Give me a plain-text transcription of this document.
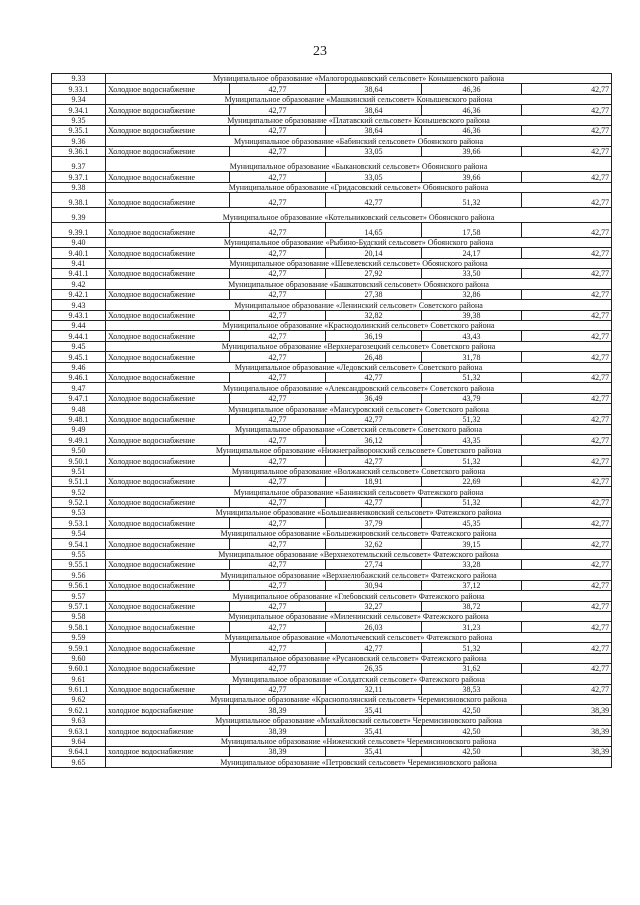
23
9.33	Муниципальное образование «Малогородьковский сельсовет» Конышевского района				
9.33.1	Холодное водоснабжение	42,77	38,64	46,36	42,77
9.34	Муниципальное образование «Машкинский сельсовет» Конышевского района				
9.34.1	Холодное водоснабжение	42,77	38,64	46,36	42,77
9.35	Муниципальное образование «Платавский сельсовет» Конышевского района				
9.35.1	Холодное водоснабжение	42,77	38,64	46,36	42,77
9.36	Муниципальное образование «Бабинский сельсовет» Обоянского района				
9.36.1	Холодное водоснабжение	42,77	33,05	39,66	42,77
9.37	Муниципальное образование «Быкановский сельсовет» Обоянского района				
9.37.1	Холодное водоснабжение	42,77	33,05	39,66	42,77
9.38	Муниципальное образование «Гридасовский сельсовет» Обоянского района				
9.38.1	Холодное водоснабжение	42,77	42,77	51,32	42,77
9.39	Муниципальное образование «Котельниковский сельсовет» Обоянского района				
9.39.1	Холодное водоснабжение	42,77	14,65	17,58	42,77
9.40	Муниципальное образование «Рыбино-Будский сельсовет» Обоянского района				
9.40.1	Холодное водоснабжение	42,77	20,14	24,17	42,77
9.41	Муниципальное образование «Шевелевский сельсовет» Обоянского района				
9.41.1	Холодное водоснабжение	42,77	27,92	33,50	42,77
9.42	Муниципальное образование «Башкатовский сельсовет» Обоянского района				
9.42.1	Холодное водоснабжение	42,77	27,38	32,86	42,77
9.43	Муниципальное образование «Ленинский сельсовет» Советского района				
9.43.1	Холодное водоснабжение	42,77	32,82	39,38	42,77
9.44	Муниципальное образование «Краснодолинский сельсовет» Советского района				
9.44.1	Холодное водоснабжение	42,77	36,19	43,43	42,77
9.45	Муниципальное образование «Верхнерагозецкий сельсовет» Советского района				
9.45.1	Холодное водоснабжение	42,77	26,48	31,78	42,77
9.46	Муниципальное образование «Ледовский сельсовет» Советского района				
9.46.1	Холодное водоснабжение	42,77	42,77	51,32	42,77
9.47	Муниципальное образование «Александровский сельсовет» Советского района				
9.47.1	Холодное водоснабжение	42,77	36,49	43,79	42,77
9.48	Муниципальное образование «Мансуровский сельсовет» Советского района				
9.48.1	Холодное водоснабжение	42,77	42,77	51,32	42,77
9.49	Муниципальное образование «Советский сельсовет» Советского района				
9.49.1	Холодное водоснабжение	42,77	36,12	43,35	42,77
9.50	Муниципальное образование «Нижнеграйворонский сельсовет» Советского района				
9.50.1	Холодное водоснабжение	42,77	42,77	51,32	42,77
9.51	Муниципальное образование «Волжанский сельсовет» Советского района				
9.51.1	Холодное водоснабжение	42,77	18,91	22,69	42,77
9.52	Муниципальное образование «Банинский сельсовет» Фатежского района				
9.52.1	Холодное водоснабжение	42,77	42,77	51,32	42,77
9.53	Муниципальное образование «Большеанненковский сельсовет» Фатежского района				
9.53.1	Холодное водоснабжение	42,77	37,79	45,35	42,77
9.54	Муниципальное образование «Большежировский сельсовет» Фатежского района				
9.54.1	Холодное водоснабжение	42,77	32,62	39,15	42,77
9.55	Муниципальное образование «Верхнехотемльский сельсовет» Фатежского района				
9.55.1	Холодное водоснабжение	42,77	27,74	33,28	42,77
9.56	Муниципальное образование «Верхнелюбажский сельсовет» Фатежского района				
9.56.1	Холодное водоснабжение	42,77	30,94	37,12	42,77
9.57	Муниципальное образование «Глебовский сельсовет» Фатежского района				
9.57.1	Холодное водоснабжение	42,77	32,27	38,72	42,77
9.58	Муниципальное образование «Миленинский сельсовет» Фатежского района				
9.58.1	Холодное водоснабжение	42,77	26,03	31,23	42,77
9.59	Муниципальное образование «Молотычевский сельсовет» Фатежского района				
9.59.1	Холодное водоснабжение	42,77	42,77	51,32	42,77
9.60	Муниципальное образование «Русановский сельсовет» Фатежского района				
9.60.1	Холодное водоснабжение	42,77	26,35	31,62	42,77
9.61	Муниципальное образование «Солдатский сельсовет» Фатежского района				
9.61.1	Холодное водоснабжение	42,77	32,11	38,53	42,77
9.62	Муниципальное образование «Краснополянский сельсовет» Черемисиновского района				
9.62.1	холодное водоснабжение	38,39	35,41	42,50	38,39
9.63	Муниципальное образование «Михайловский сельсовет» Черемисиновского района				
9.63.1	холодное водоснабжение	38,39	35,41	42,50	38,39
9.64	Муниципальное образование «Ниженский сельсовет» Черемисиновского района				
9.64.1	холодное водоснабжение	38,39	35,41	42,50	38,39
9.65	Муниципальное образование «Петровский сельсовет» Черемисиновского района				
